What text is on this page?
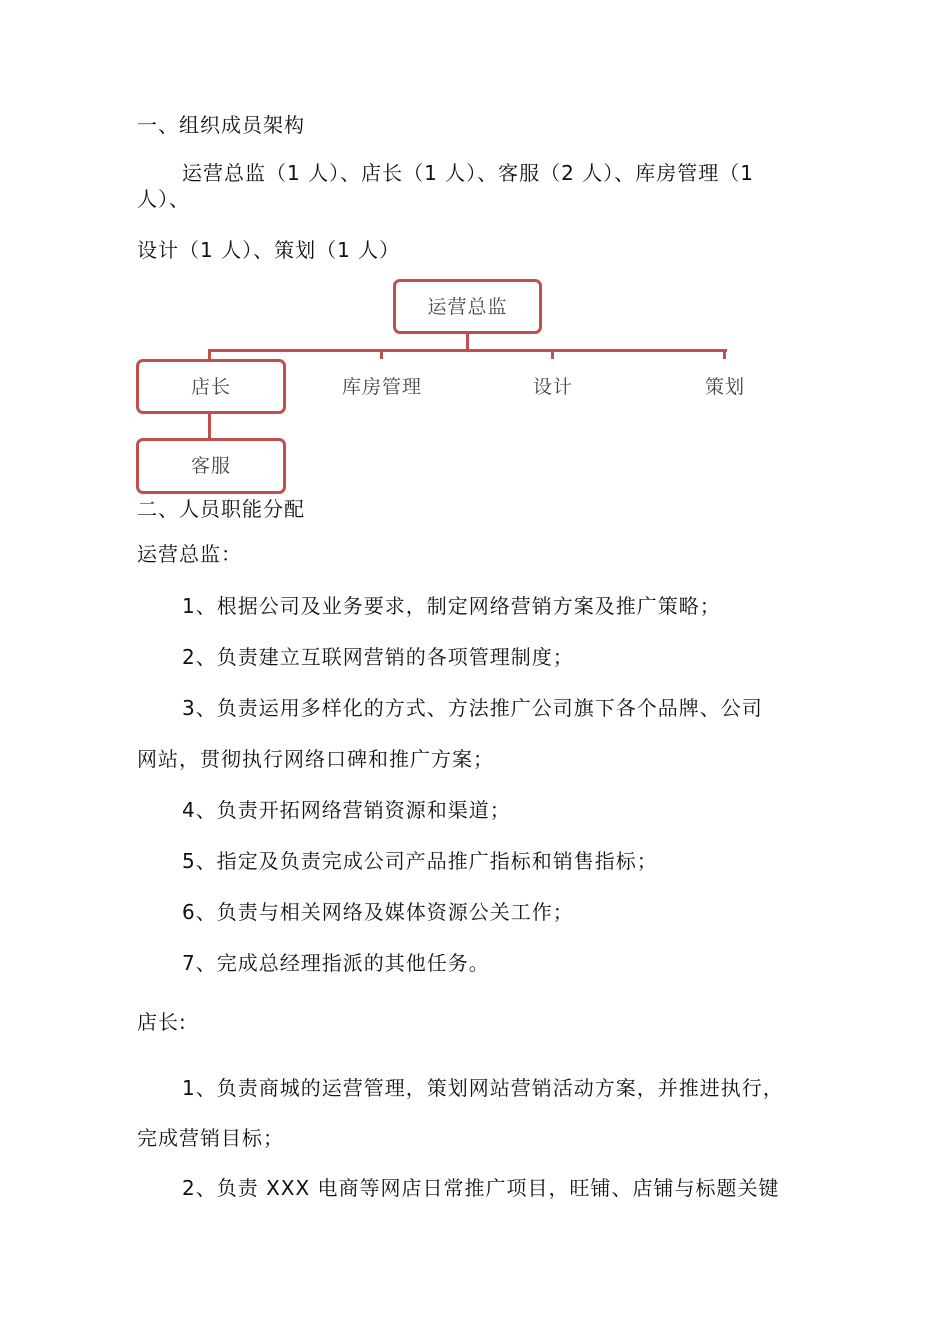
一、组织成员架构
运营总监（1 人）、店长（1 人）、客服（2 人）、库房管理（1
人）、
设计（1 人）、策划（1 人）
运营总监
店长	库房管理	设计	策划
客服
二、人员职能分配
运营总监：
1、根据公司及业务要求，制定网络营销方案及推广策略；
2、负责建立互联网营销的各项管理制度；
3、负责运用多样化的方式、方法推广公司旗下各个品牌、公司
网站，贯彻执行网络口碑和推广方案；
4、负责开拓网络营销资源和渠道；
5、指定及负责完成公司产品推广指标和销售指标；
6、负责与相关网络及媒体资源公关工作；
7、完成总经理指派的其他任务。
店长:
1、负责商城的运营管理，策划网站营销活动方案，并推进执行，
完成营销目标；
2、负责 XXX 电商等网店日常推广项目，旺铺、店铺与标题关键
